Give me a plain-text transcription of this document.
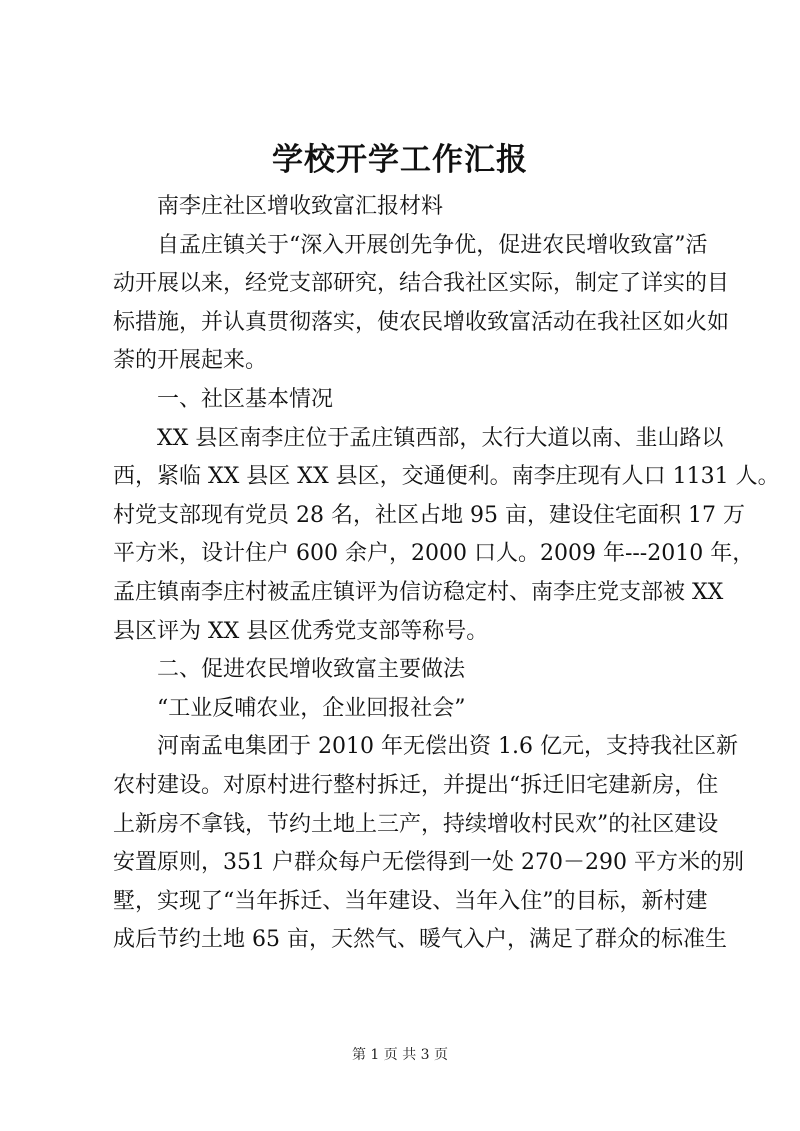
学校开学工作汇报

南李庄社区增收致富汇报材料

自孟庄镇关于“深入开展创先争优，促进农民增收致富”活
动开展以来，经党支部研究，结合我社区实际，制定了详实的目
标措施，并认真贯彻落实，使农民增收致富活动在我社区如火如
荼的开展起来。

一、社区基本情况

XX 县区南李庄位于孟庄镇西部，太行大道以南、韭山路以
西，紧临 XX 县区 XX 县区，交通便利。南李庄现有人口 1131 人。
村党支部现有党员 28 名，社区占地 95 亩，建设住宅面积 17 万
平方米，设计住户 600 余户，2000 口人。2009 年---2010 年，
孟庄镇南李庄村被孟庄镇评为信访稳定村、南李庄党支部被 XX
县区评为 XX 县区优秀党支部等称号。

二、促进农民增收致富主要做法

“工业反哺农业，企业回报社会”

河南孟电集团于 2010 年无偿出资 1.6 亿元，支持我社区新
农村建设。对原村进行整村拆迁，并提出“拆迁旧宅建新房，住
上新房不拿钱，节约土地上三产，持续增收村民欢”的社区建设
安置原则，351 户群众每户无偿得到一处 270－290 平方米的别
墅，实现了“当年拆迁、当年建设、当年入住”的目标，新村建
成后节约土地 65 亩，天然气、暖气入户，满足了群众的标准生

第 1 页 共 3 页
